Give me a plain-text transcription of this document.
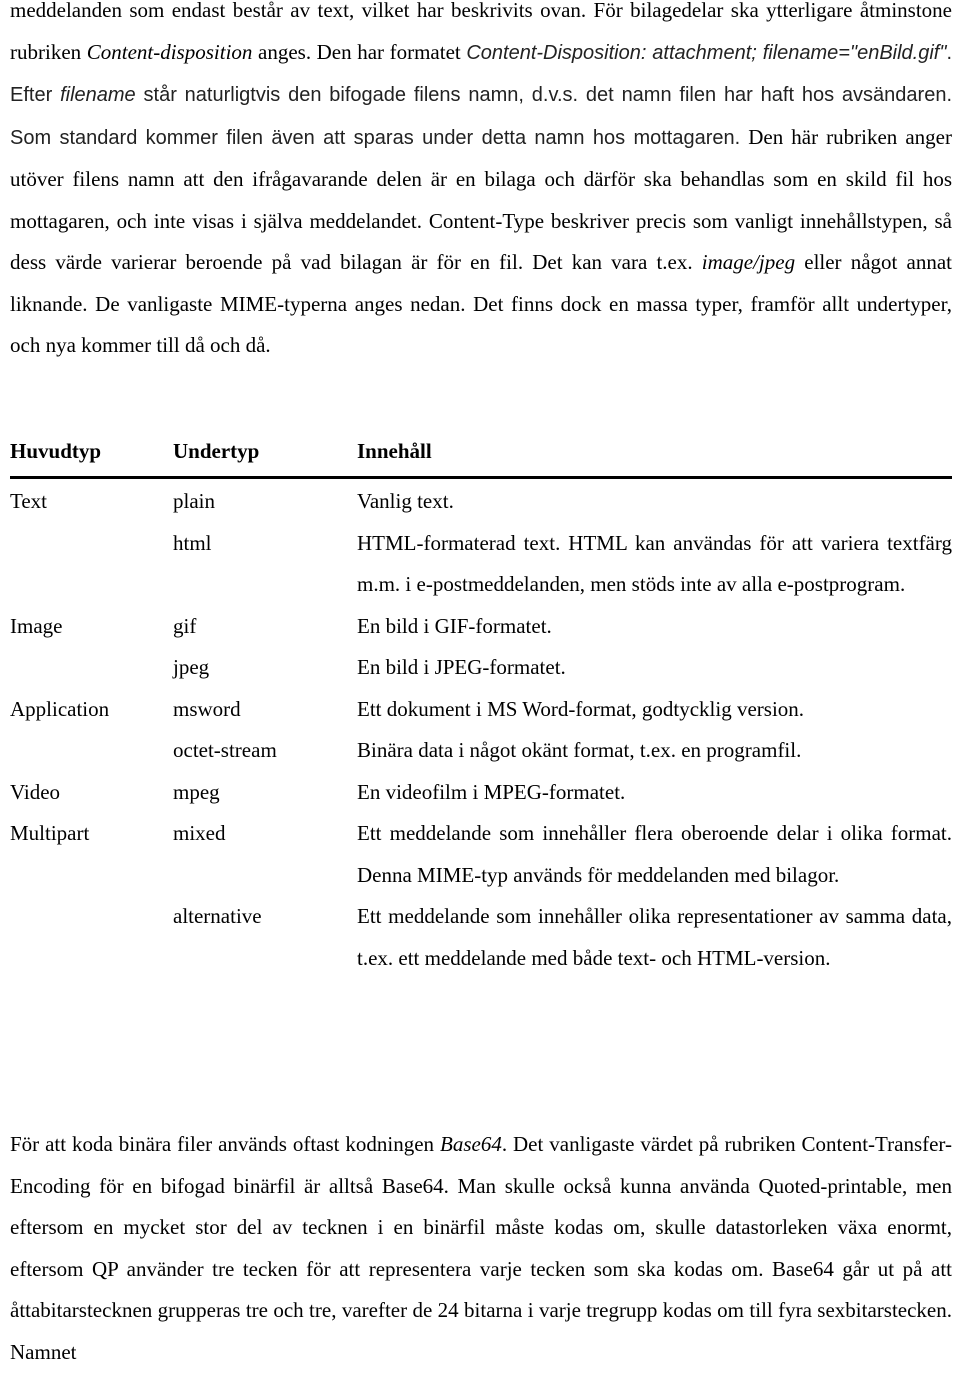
meddelanden som endast består av text, vilket har beskrivits ovan. För bilagedelar ska ytterligare åtminstone rubriken Content-disposition anges. Den har formatet Content-Disposition: attachment; filename="enBild.gif". Efter filename står naturligtvis den bifogade filens namn, d.v.s. det namn filen har haft hos avsändaren. Som standard kommer filen även att sparas under detta namn hos mottagaren. Den här rubriken anger utöver filens namn att den ifrågavarande delen är en bilaga och därför ska behandlas som en skild fil hos mottagaren, och inte visas i själva meddelandet. Content-Type beskriver precis som vanligt innehållstypen, så dess värde varierar beroende på vad bilagan är för en fil. Det kan vara t.ex. image/jpeg eller något annat liknande. De vanligaste MIME-typerna anges nedan. Det finns dock en massa typer, framför allt undertyper, och nya kommer till då och då.

Huvudtyp	Undertyp	Innehåll
Text	plain	Vanlig text.
	html	HTML-formaterad text. HTML kan användas för att variera textfärg m.m. i e-postmeddelanden, men stöds inte av alla e-postprogram.
Image	gif	En bild i GIF-formatet.
	jpeg	En bild i JPEG-formatet.
Application	msword	Ett dokument i MS Word-format, godtycklig version.
	octet-stream	Binära data i något okänt format, t.ex. en programfil.
Video	mpeg	En videofilm i MPEG-formatet.
Multipart	mixed	Ett meddelande som innehåller flera oberoende delar i olika format. Denna MIME-typ används för meddelanden med bilagor.
	alternative	Ett meddelande som innehåller olika representationer av samma data, t.ex. ett meddelande med både text- och HTML-version.

För att koda binära filer används oftast kodningen Base64. Det vanligaste värdet på rubriken Content-Transfer-Encoding för en bifogad binärfil är alltså Base64. Man skulle också kunna använda Quoted-printable, men eftersom en mycket stor del av tecknen i en binärfil måste kodas om, skulle datastorleken växa enormt, eftersom QP använder tre tecken för att representera varje tecken som ska kodas om. Base64 går ut på att åttabitarstecknen grupperas tre och tre, varefter de 24 bitarna i varje tregrupp kodas om till fyra sexbitarstecken. Namnet
